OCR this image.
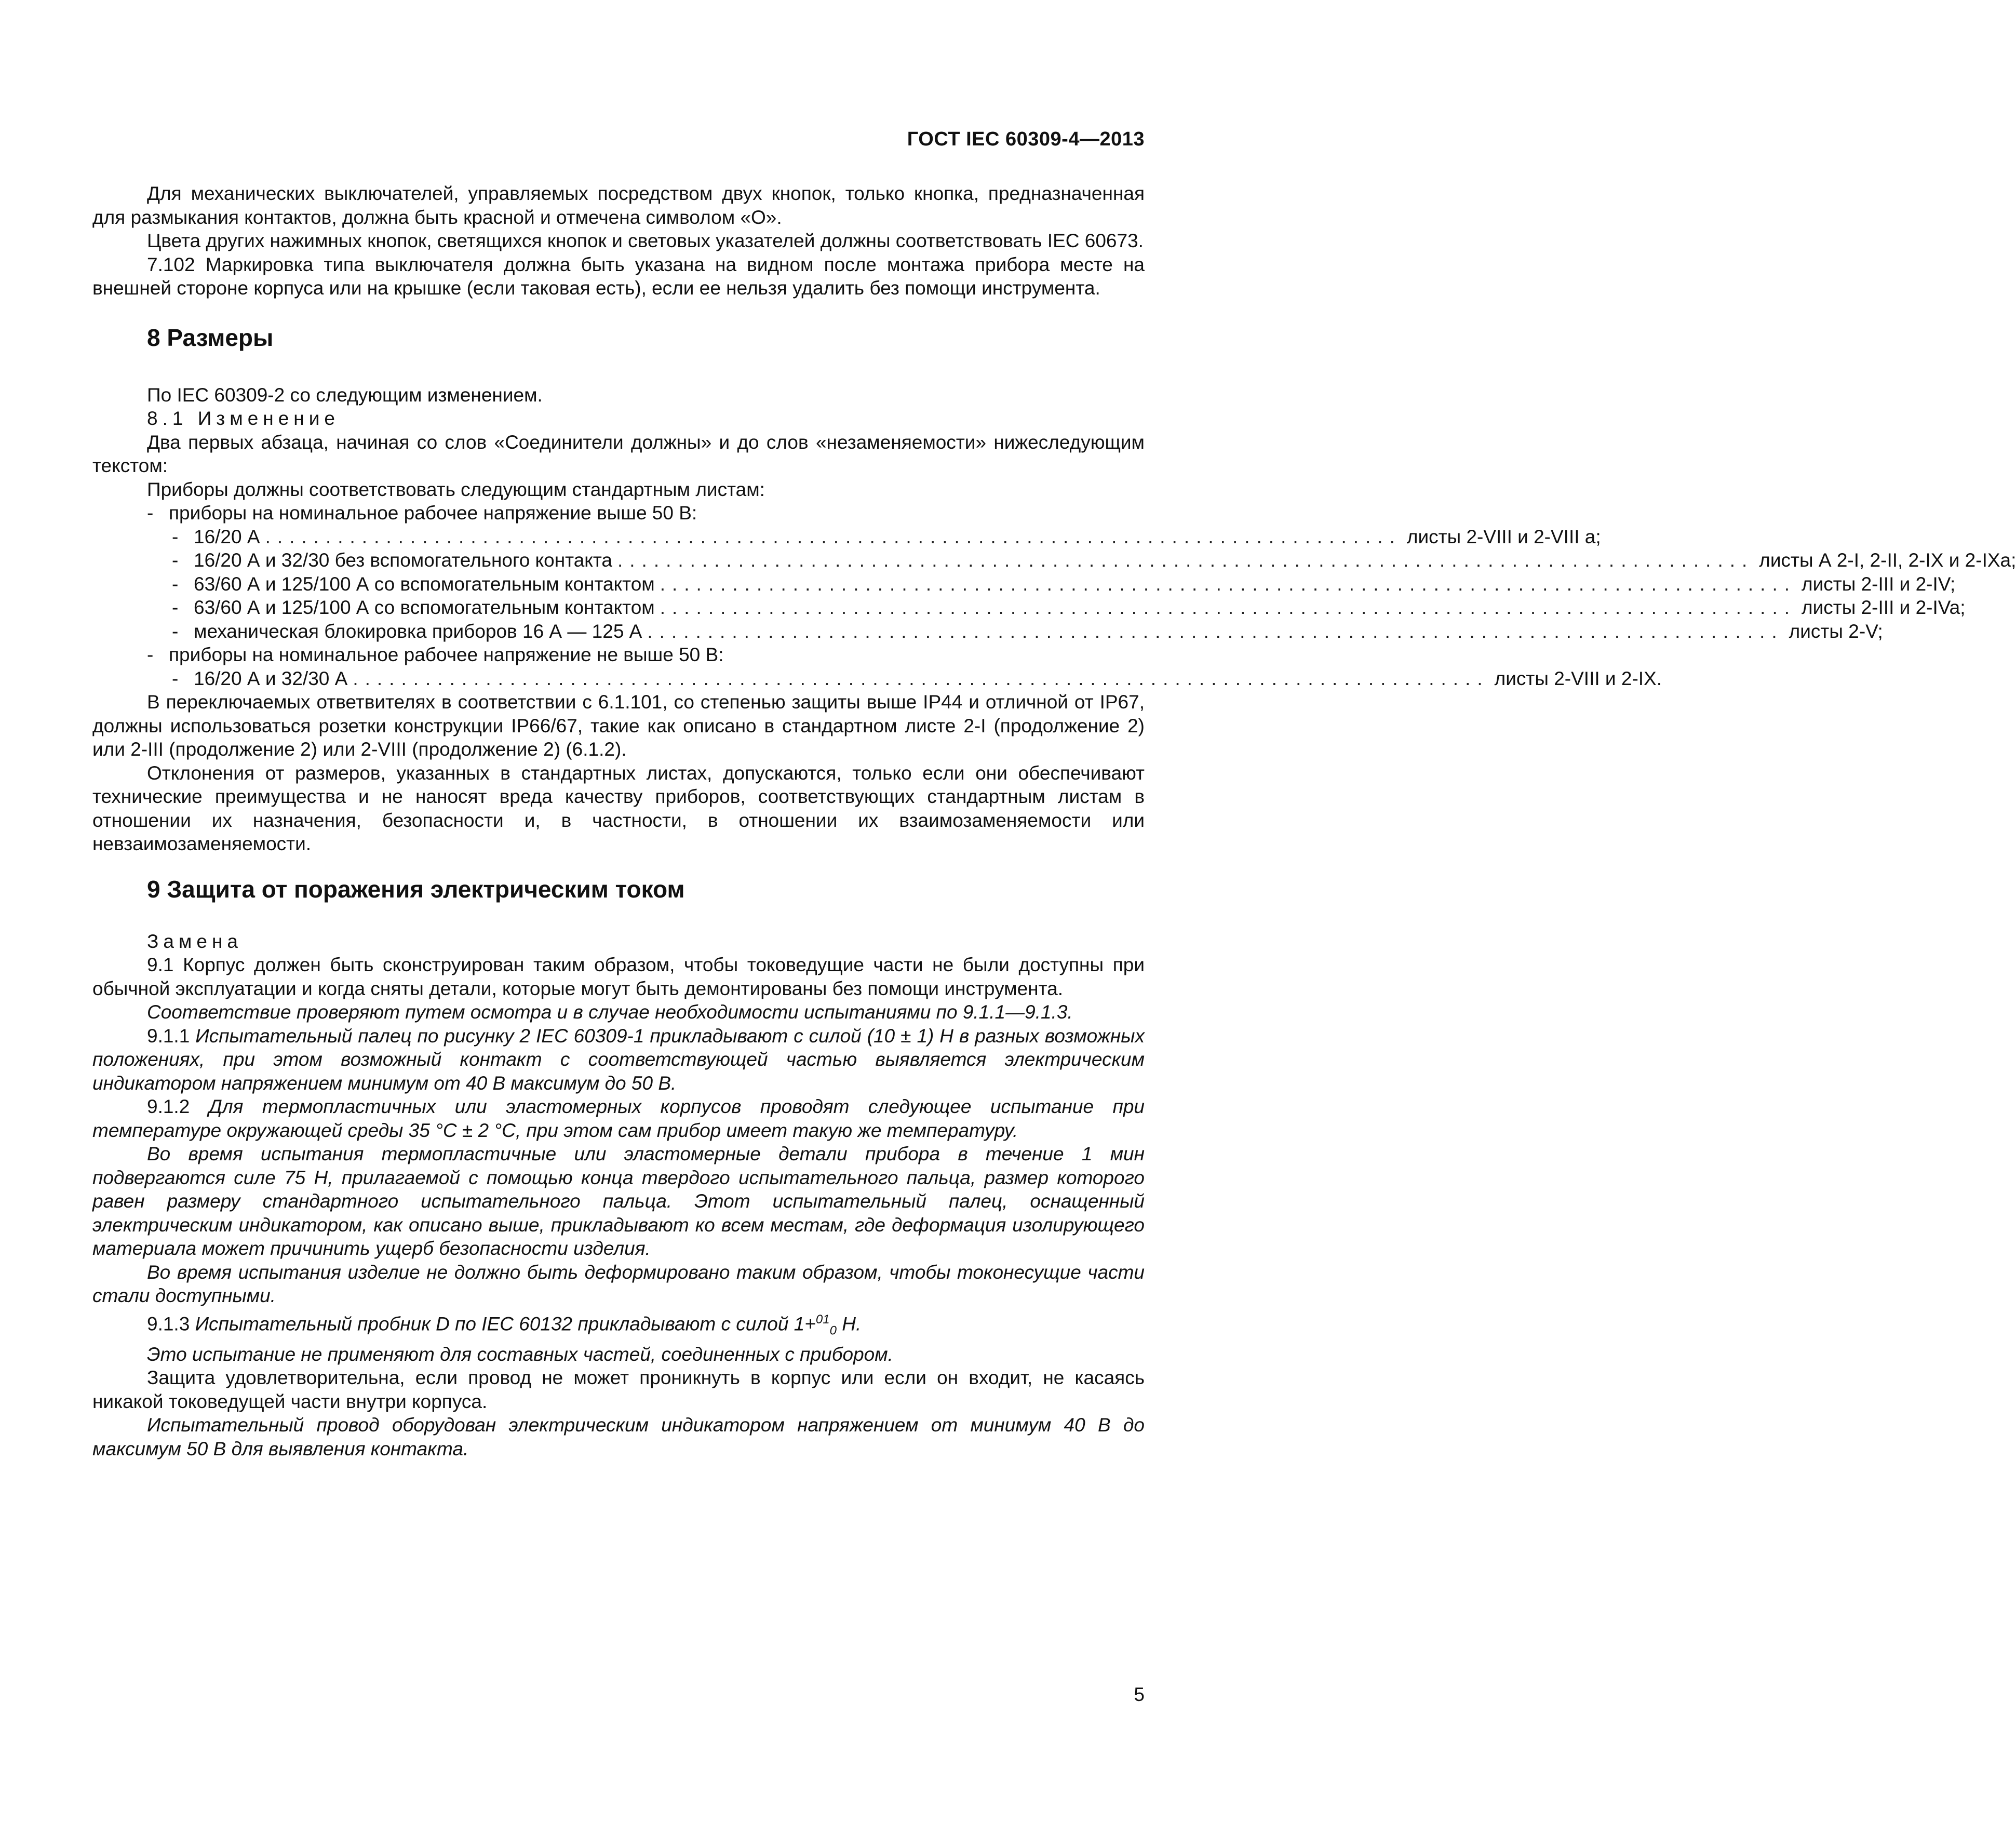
ГОСТ IEC 60309-4—2013

Для механических выключателей, управляемых посредством двух кнопок, только кнопка, предназначенная для размыкания контактов, должна быть красной и отмечена символом «О».

Цвета других нажимных кнопок, светящихся кнопок и световых указателей должны соответствовать IEC 60673.

7.102 Маркировка типа выключателя должна быть указана на видном после монтажа прибора месте на внешней стороне корпуса или на крышке (если таковая есть), если ее нельзя удалить без помощи инструмента.

8 Размеры

По IEC 60309-2 со следующим изменением.

8.1 Изменение

Два первых абзаца, начиная со слов «Соединители должны» и до слов «незаменяемости» нижеследующим текстом:

Приборы должны соответствовать следующим стандартным листам:

- приборы на номинальное рабочее напряжение выше 50 В:
- 16/20 А .............................................................................................. листы 2-VIII и 2-VIII a;
- 16/20 А и 32/30 без вспомогательного контакта .............................................................................................. листы А 2-I, 2-II, 2-IX и 2-IXa;
- 63/60 А и 125/100 А со вспомогательным контактом .............................................................................................. листы 2-III и 2-IV;
- 63/60 А и 125/100 А со вспомогательным контактом .............................................................................................. листы 2-III и 2-IVa;
- механическая блокировка приборов 16 А — 125 А .............................................................................................. листы 2-V;
- приборы на номинальное рабочее напряжение не выше 50 В:
- 16/20 А и 32/30 А .............................................................................................. листы 2-VIII и 2-IX.

В переключаемых ответвителях в соответствии с 6.1.101, со степенью защиты выше IP44 и отличной от IP67, должны использоваться розетки конструкции IP66/67, такие как описано в стандартном листе 2-I (продолжение 2) или 2-III (продолжение 2) или 2-VIII (продолжение 2) (6.1.2).

Отклонения от размеров, указанных в стандартных листах, допускаются, только если они обеспечивают технические преимущества и не наносят вреда качеству приборов, соответствующих стандартным листам в отношении их назначения, безопасности и, в частности, в отношении их взаимозаменяемости или невзаимозаменяемости.

9 Защита от поражения электрическим током

Замена

9.1 Корпус должен быть сконструирован таким образом, чтобы токоведущие части не были доступны при обычной эксплуатации и когда сняты детали, которые могут быть демонтированы без помощи инструмента.

Соответствие проверяют путем осмотра и в случае необходимости испытаниями по 9.1.1—9.1.3.

9.1.1 Испытательный палец по рисунку 2 IEC 60309-1 прикладывают с силой (10 ± 1) Н в разных возможных положениях, при этом возможный контакт с соответствующей частью выявляется электрическим индикатором напряжением минимум от 40 В максимум до 50 В.

9.1.2 Для термопластичных или эластомерных корпусов проводят следующее испытание при температуре окружающей среды 35 °С ± 2 °С, при этом сам прибор имеет такую же температуру.

Во время испытания термопластичные или эластомерные детали прибора в течение 1 мин подвергаются силе 75 Н, прилагаемой с помощью конца твердого испытательного пальца, размер которого равен размеру стандартного испытательного пальца. Этот испытательный палец, оснащенный электрическим индикатором, как описано выше, прикладывают ко всем местам, где деформация изолирующего материала может причинить ущерб безопасности изделия.

Во время испытания изделие не должно быть деформировано таким образом, чтобы токонесущие части стали доступными.

9.1.3 Испытательный пробник D по IEC 60132 прикладывают с силой 1+$^{01}_0$ Н.

Это испытание не применяют для составных частей, соединенных с прибором.

Защита удовлетворительна, если провод не может проникнуть в корпус или если он входит, не касаясь никакой токоведущей части внутри корпуса.

Испытательный провод оборудован электрическим индикатором напряжением от минимум 40 В до максимум 50 В для выявления контакта.

5
